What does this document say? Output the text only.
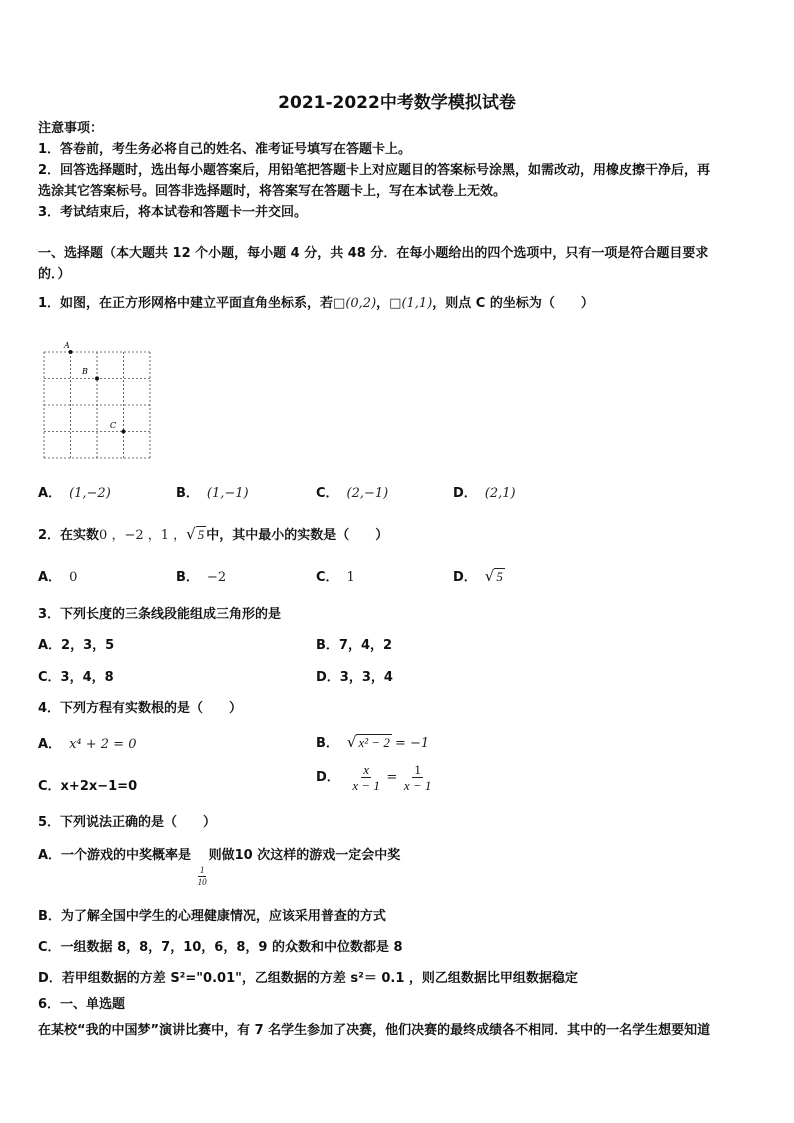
2021-2022中考数学模拟试卷
注意事项：
1．答卷前，考生务必将自己的姓名、准考证号填写在答题卡上。
2．回答选择题时，选出每小题答案后，用铅笔把答题卡上对应题目的答案标号涂黑，如需改动，用橡皮擦干净后，再
选涂其它答案标号。回答非选择题时，将答案写在答题卡上，写在本试卷上无效。
3．考试结束后，将本试卷和答题卡一并交回。
一、选择题（本大题共 12 个小题，每小题 4 分，共 48 分．在每小题给出的四个选项中，只有一项是符合题目要求
的．）
1．如图，在正方形网格中建立平面直角坐标系，若□(0,2)，□(1,1)，则点 C 的坐标为（　　）
A
B
C
A． (1,−2)	B． (1,−1)	C． (2,−1)	D． (2,1)
2．在实数0 ，−2 ，1 ，√ 5 中，其中最小的实数是（　　）
A． 0	B． −2	C． 1	D． √ 5
3．下列长度的三条线段能组成三角形的是
A．2，3，5	B．7，4，2
C．3，4，8	D．3，3，4
4．下列方程有实数根的是（　　）
A． x⁴ + 2 = 0	B． √ x² − 2 = −1
C．x+2x−1=0
D． $\frac{x}{x - 1} = \frac{1}{x - 1}$
5．下列说法正确的是（　　）
A．一个游戏的中奖概率是
$\frac{1}{10}$
则做10 次这样的游戏一定会中奖
B．为了解全国中学生的心理健康情况，应该采用普查的方式
C．一组数据 8，8，7，10，6，8，9 的众数和中位数都是 8
D．若甲组数据的方差 S²="0.01"，乙组数据的方差 s²＝ 0.1 ，则乙组数据比甲组数据稳定
6．一、单选题
在某校“我的中国梦”演讲比赛中，有 7 名学生参加了决赛，他们决赛的最终成绩各不相同．其中的一名学生想要知道
